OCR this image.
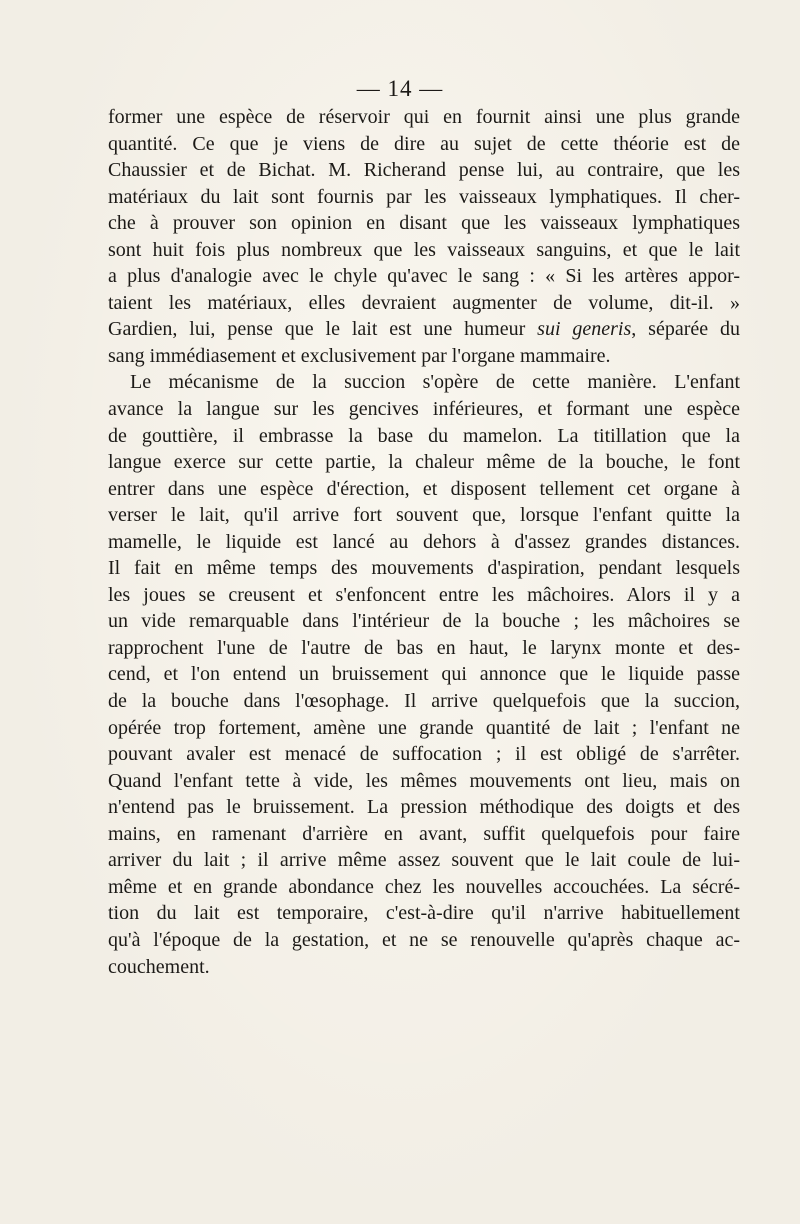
— 14 —
former une espèce de réservoir qui en fournit ainsi une plus grande
quantité. Ce que je viens de dire au sujet de cette théorie est de
Chaussier et de Bichat. M. Richerand pense lui, au contraire, que les
matériaux du lait sont fournis par les vaisseaux lymphatiques. Il cher-
che à prouver son opinion en disant que les vaisseaux lymphatiques
sont huit fois plus nombreux que les vaisseaux sanguins, et que le lait
a plus d'analogie avec le chyle qu'avec le sang : « Si les artères appor-
taient les matériaux, elles devraient augmenter de volume, dit-il. »
Gardien, lui, pense que le lait est une humeur sui generis, séparée du
sang immédiasement et exclusivement par l'organe mammaire.
Le mécanisme de la succion s'opère de cette manière. L'enfant
avance la langue sur les gencives inférieures, et formant une espèce
de gouttière, il embrasse la base du mamelon. La titillation que la
langue exerce sur cette partie, la chaleur même de la bouche, le font
entrer dans une espèce d'érection, et disposent tellement cet organe à
verser le lait, qu'il arrive fort souvent que, lorsque l'enfant quitte la
mamelle, le liquide est lancé au dehors à d'assez grandes distances.
Il fait en même temps des mouvements d'aspiration, pendant lesquels
les joues se creusent et s'enfoncent entre les mâchoires. Alors il y a
un vide remarquable dans l'intérieur de la bouche ; les mâchoires se
rapprochent l'une de l'autre de bas en haut, le larynx monte et des-
cend, et l'on entend un bruissement qui annonce que le liquide passe
de la bouche dans l'œsophage. Il arrive quelquefois que la succion,
opérée trop fortement, amène une grande quantité de lait ; l'enfant ne
pouvant avaler est menacé de suffocation ; il est obligé de s'arrêter.
Quand l'enfant tette à vide, les mêmes mouvements ont lieu, mais on
n'entend pas le bruissement. La pression méthodique des doigts et des
mains, en ramenant d'arrière en avant, suffit quelquefois pour faire
arriver du lait ; il arrive même assez souvent que le lait coule de lui-
même et en grande abondance chez les nouvelles accouchées. La sécré-
tion du lait est temporaire, c'est-à-dire qu'il n'arrive habituellement
qu'à l'époque de la gestation, et ne se renouvelle qu'après chaque ac-
couchement.
